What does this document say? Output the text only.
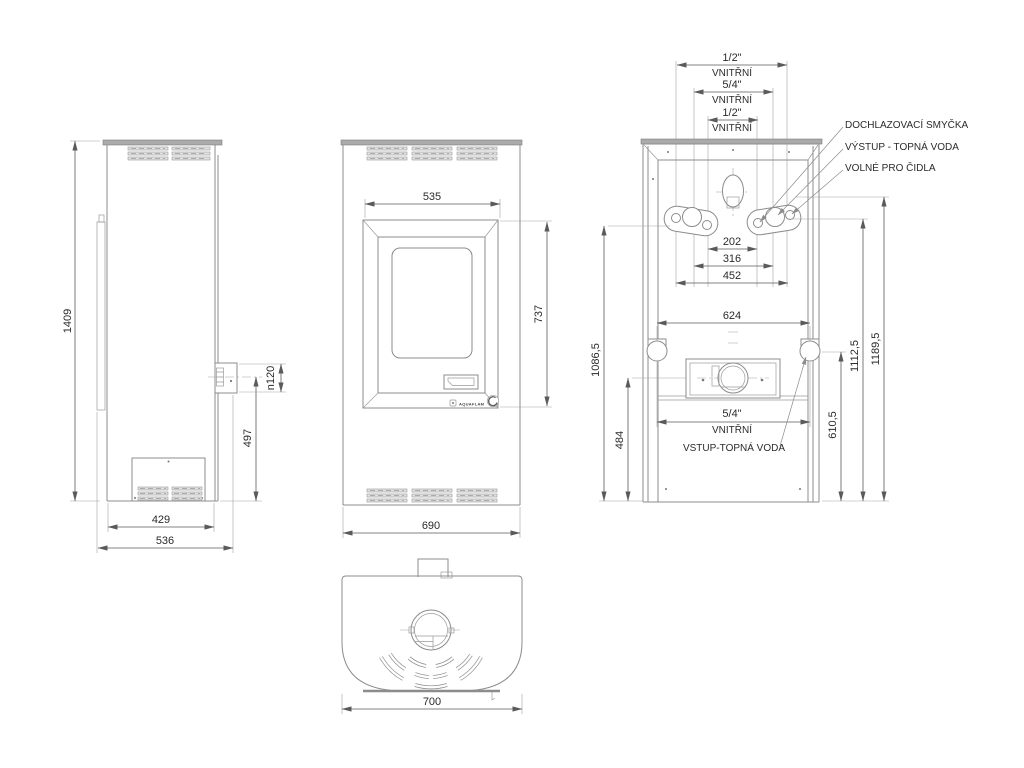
1409
429
536
497
n120
AQUAFLAM
535
737
690
700
1/2"
VNITŘNÍ
5/4"
VNITŘNÍ
1/2"
VNITŘNÍ	DOCHLAZOVACÍ SMYČKA
VÝSTUP - TOPNÁ VODA
VOLNÉ PRO ČIDLA
202
316
452
624
5/4"
VNITŘNÍ
VSTUP-TOPNÁ VODA
1086,5
484
610,5
1112,5 1189,5
